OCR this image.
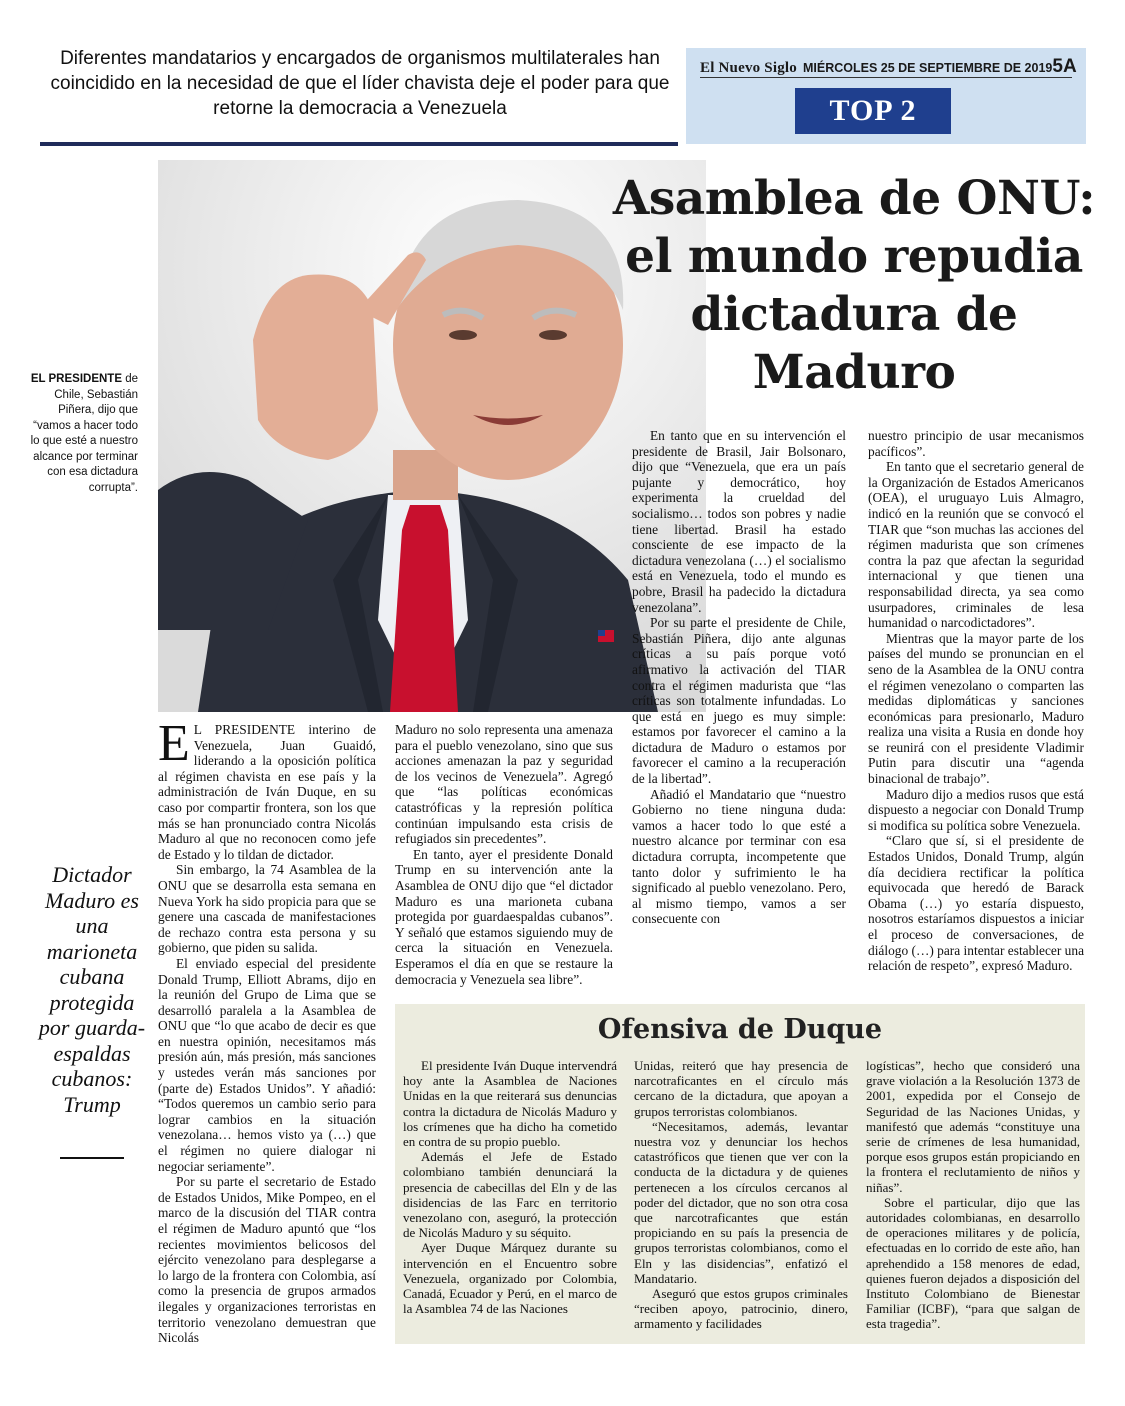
Diferentes mandatarios y encargados de organismos multilaterales han coincidido en la necesidad de que el líder chavista deje el poder para que retorne la democracia a Venezuela
El Nuevo Siglo MIÉRCOLES 25 DE SEPTIEMBRE DE 2019 5A
TOP 2
Asamblea de ONU: el mundo repudia dictadura de Maduro
EL PRESIDENTE de Chile, Sebastián Piñera, dijo que “vamos a hacer todo lo que esté a nuestro alcance por terminar con esa dictadura corrupta”.

En tanto que en su intervención el presidente de Brasil, Jair Bolsonaro, dijo que “Venezuela, que era un país pujante y democrático, hoy experimenta la crueldad del socialismo… todos son pobres y nadie tiene libertad. Brasil ha estado consciente de ese impacto de la dictadura venezolana (…) el socialismo está en Venezuela, todo el mundo es pobre, Brasil ha padecido la dictadura venezolana”.

Por su parte el presidente de Chile, Sebastián Piñera, dijo ante algunas críticas a su país porque votó afirmativo la activación del TIAR contra el régimen madurista que “las críticas son totalmente infundadas. Lo que está en juego es muy simple: estamos por favorecer el camino a la dictadura de Maduro o estamos por favorecer el camino a la recuperación de la libertad”.

Añadió el Mandatario que “nuestro Gobierno no tiene ninguna duda: vamos a hacer todo lo que esté a nuestro alcance por terminar con esa dictadura corrupta, incompetente que tanto dolor y sufrimiento le ha significado al pueblo venezolano. Pero, al mismo tiempo, vamos a ser consecuente con

nuestro principio de usar mecanismos pacíficos”.

En tanto que el secretario general de la Organización de Estados Americanos (OEA), el uruguayo Luis Almagro, indicó en la reunión que se convocó el TIAR que “son muchas las acciones del régimen madurista que son crímenes contra la paz que afectan la seguridad internacional y que tienen una responsabilidad directa, ya sea como usurpadores, criminales de lesa humanidad o narcodictadores”.

Mientras que la mayor parte de los países del mundo se pronuncian en el seno de la Asamblea de la ONU contra el régimen venezolano o comparten las medidas diplomáticas y sanciones económicas para presionarlo, Maduro realiza una visita a Rusia en donde hoy se reunirá con el presidente Vladimir Putin para discutir una “agenda binacional de trabajo”.

Maduro dijo a medios rusos que está dispuesto a negociar con Donald Trump si modifica su política sobre Venezuela.

“Claro que sí, si el presidente de Estados Unidos, Donald Trump, algún día decidiera rectificar la política equivocada que heredó de Barack Obama (…) yo estaría dispuesto, nosotros estaríamos dispuestos a iniciar el proceso de conversaciones, de diálogo (…) para intentar establecer una relación de respeto”, expresó Maduro.

E L PRESIDENTE interino de Venezuela, Juan Guaidó, liderando a la oposición política al régimen chavista en ese país y la administración de Iván Duque, en su caso por compartir frontera, son los que más se han pronunciado contra Nicolás Maduro al que no reconocen como jefe de Estado y lo tildan de dictador.

Sin embargo, la 74 Asamblea de la ONU que se desarrolla esta semana en Nueva York ha sido propicia para que se genere una cascada de manifestaciones de rechazo contra esta persona y su gobierno, que piden su salida.

El enviado especial del presidente Donald Trump, Elliott Abrams, dijo en la reunión del Grupo de Lima que se desarrolló paralela a la Asamblea de ONU que “lo que acabo de decir es que en nuestra opinión, necesitamos más presión aún, más presión, más sanciones y ustedes verán más sanciones por (parte de) Estados Unidos”. Y añadió: “Todos queremos un cambio serio para lograr cambios en la situación venezolana… hemos visto ya (…) que el régimen no quiere dialogar ni negociar seriamente”.

Por su parte el secretario de Estado de Estados Unidos, Mike Pompeo, en el marco de la discusión del TIAR contra el régimen de Maduro apuntó que “los recientes movimientos belicosos del ejército venezolano para desplegarse a lo largo de la frontera con Colombia, así como la presencia de grupos armados ilegales y organizaciones terroristas en territorio venezolano demuestran que Nicolás

Maduro no solo representa una amenaza para el pueblo venezolano, sino que sus acciones amenazan la paz y seguridad de los vecinos de Venezuela”. Agregó que “las políticas económicas catastróficas y la represión política continúan impulsando esta crisis de refugiados sin precedentes”.

En tanto, ayer el presidente Donald Trump en su intervención ante la Asamblea de ONU dijo que “el dictador Maduro es una marioneta cubana protegida por guardaespaldas cubanos”. Y señaló que estamos siguiendo muy de cerca la situación en Venezuela. Esperamos el día en que se restaure la democracia y Venezuela sea libre”.

Dictador Maduro es una marioneta cubana protegida por guarda-espaldas cubanos: Trump
Ofensiva de Duque

El presidente Iván Duque intervendrá hoy ante la Asamblea de Naciones Unidas en la que reiterará sus denuncias contra la dictadura de Nicolás Maduro y los crímenes que ha dicho ha cometido en contra de su propio pueblo.

Además el Jefe de Estado colombiano también denunciará la presencia de cabecillas del Eln y de las disidencias de las Farc en territorio venezolano con, aseguró, la protección de Nicolás Maduro y su séquito.

Ayer Duque Márquez durante su intervención en el Encuentro sobre Venezuela, organizado por Colombia, Canadá, Ecuador y Perú, en el marco de la Asamblea 74 de las Naciones

Unidas, reiteró que hay presencia de narcotraficantes en el círculo más cercano de la dictadura, que apoyan a grupos terroristas colombianos.

“Necesitamos, además, levantar nuestra voz y denunciar los hechos catastróficos que tienen que ver con la conducta de la dictadura y de quienes pertenecen a los círculos cercanos al poder del dictador, que no son otra cosa que narcotraficantes que están propiciando en su país la presencia de grupos terroristas colombianos, como el Eln y las disidencias”, enfatizó el Mandatario.

Aseguró que estos grupos criminales “reciben apoyo, patrocinio, dinero, armamento y facilidades

logísticas”, hecho que consideró una grave violación a la Resolución 1373 de 2001, expedida por el Consejo de Seguridad de las Naciones Unidas, y manifestó que además “constituye una serie de crímenes de lesa humanidad, porque esos grupos están propiciando en la frontera el reclutamiento de niños y niñas”.

Sobre el particular, dijo que las autoridades colombianas, en desarrollo de operaciones militares y de policía, efectuadas en lo corrido de este año, han aprehendido a 158 menores de edad, quienes fueron dejados a disposición del Instituto Colombiano de Bienestar Familiar (ICBF), “para que salgan de esta tragedia”.
